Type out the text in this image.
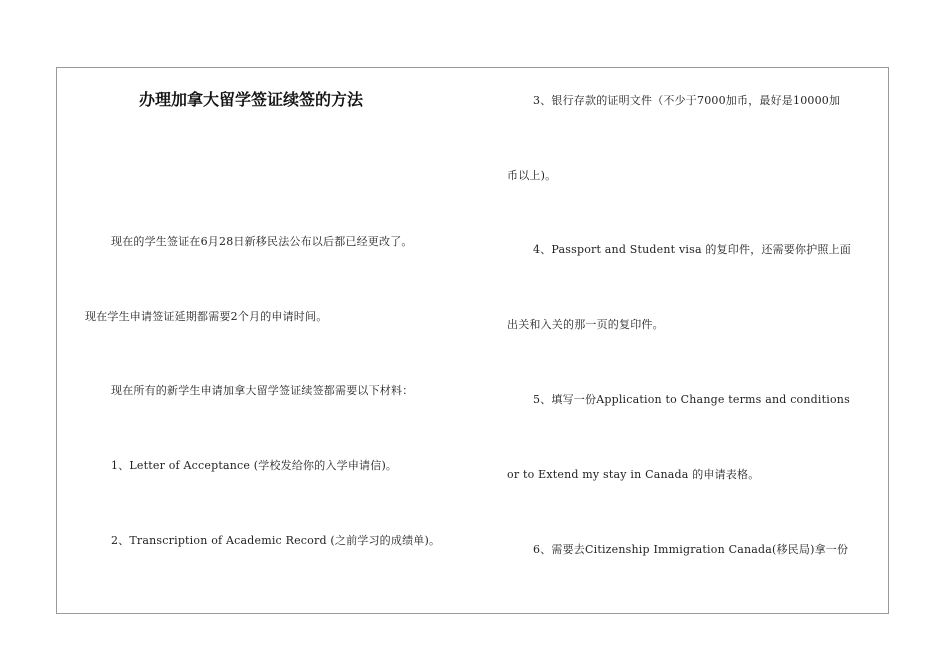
办理加拿大留学签证续签的方法
现在的学生签证在6月28日新移民法公布以后都已经更改了。
现在学生申请签证延期都需要2个月的申请时间。
现在所有的新学生申请加拿大留学签证续签都需要以下材料：
1、Letter of Acceptance (学校发给你的入学申请信)。
2、Transcription of Academic Record (之前学习的成绩单)。
3、银行存款的证明文件（不少于7000加币，最好是10000加
币以上)。
4、Passport and Student visa 的复印件，还需要你护照上面
出关和入关的那一页的复印件。
5、填写一份Application to Change terms and conditions
or to Extend my stay in Canada 的申请表格。
6、需要去Citizenship Immigration Canada(移民局)拿一份
